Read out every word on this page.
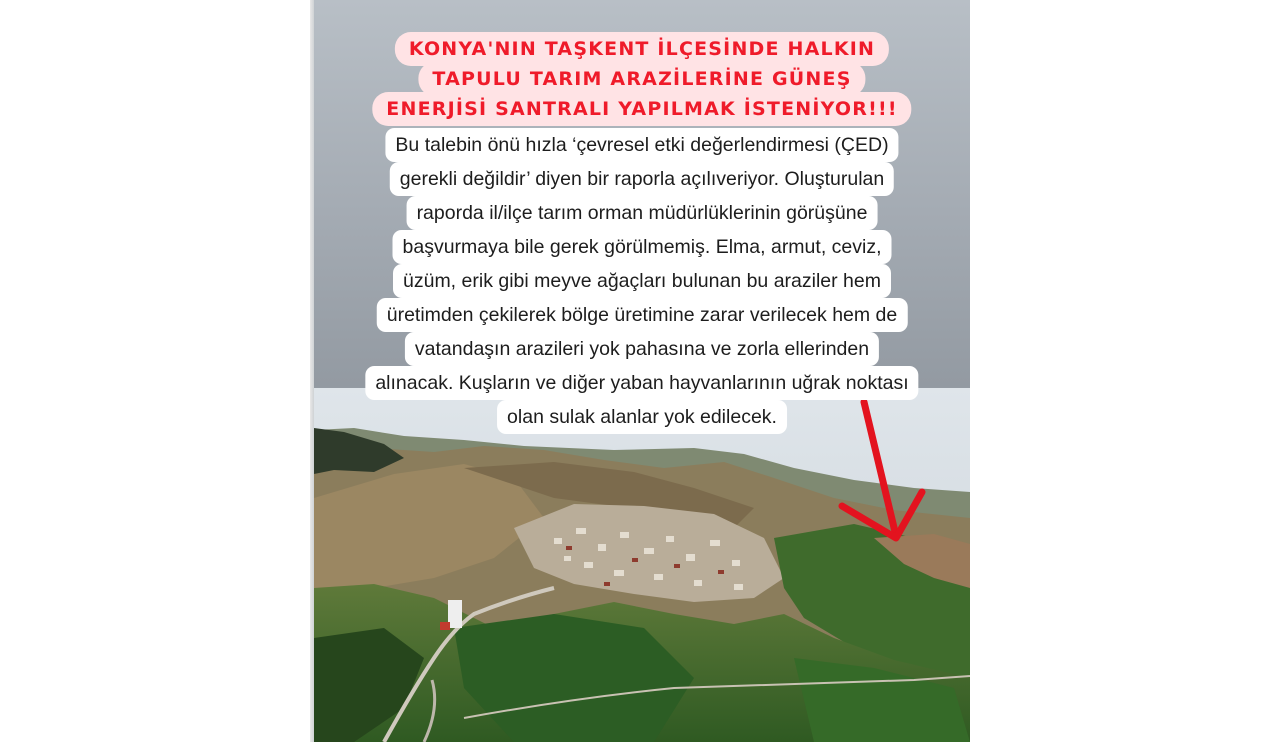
KONYA'NIN TAŞKENT İLÇESİNDE HALKIN
TAPULU TARIM ARAZİLERİNE GÜNEŞ
ENERJİSİ SANTRALI YAPILMAK İSTENİYOR!!!
Bu talebin önü hızla ‘çevresel etki değerlendirmesi (ÇED)
gerekli değildir’ diyen bir raporla açılıveriyor. Oluşturulan
raporda il/ilçe tarım orman müdürlüklerinin görüşüne
başvurmaya bile gerek görülmemiş. Elma, armut, ceviz,
üzüm, erik gibi meyve ağaçları bulunan bu araziler hem
üretimden çekilerek bölge üretimine zarar verilecek hem de
vatandaşın arazileri yok pahasına ve zorla ellerinden
alınacak. Kuşların ve diğer yaban hayvanlarının uğrak noktası
olan sulak alanlar yok edilecek.
